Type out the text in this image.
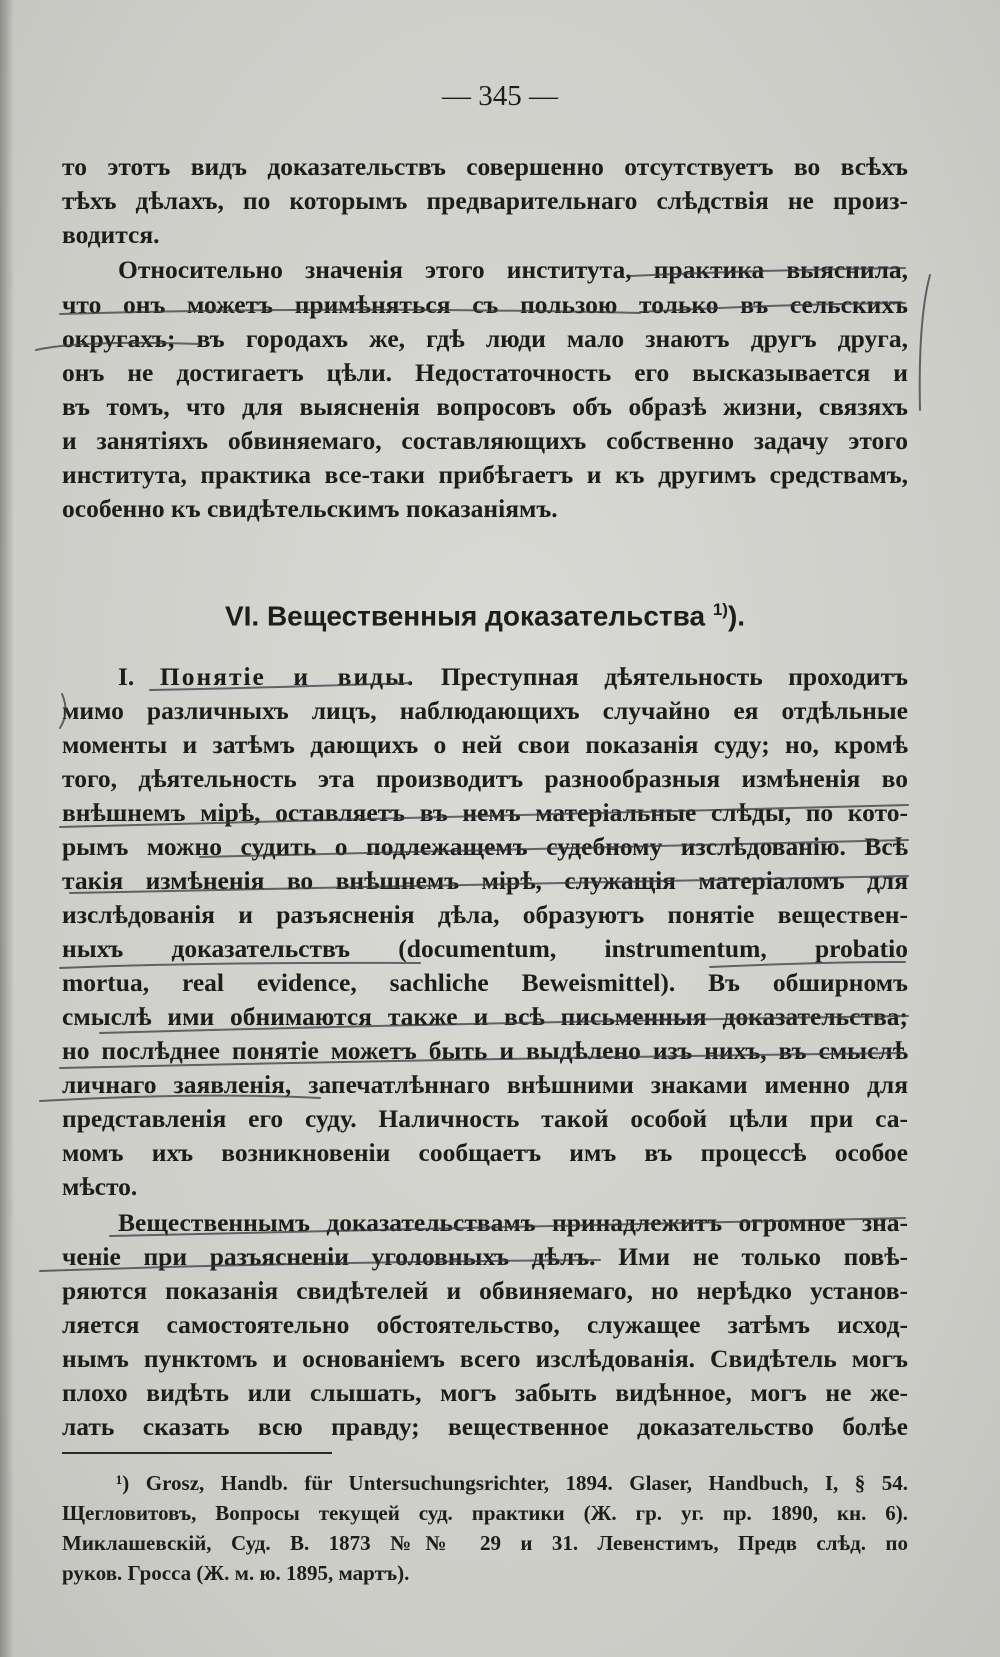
— 345 —
то этотъ видъ доказательствъ совершенно отсутствуетъ во всѣхъ
тѣхъ дѣлахъ, по которымъ предварительнаго слѣдствія не произ-
водится.
Относительно значенія этого института, практика выяснила,
что онъ можетъ примѣняться съ пользою только въ сельскихъ
округахъ; въ городахъ же, гдѣ люди мало знаютъ другъ друга,
онъ не достигаетъ цѣли. Недостаточность его высказывается и
въ томъ, что для выясненія вопросовъ объ образѣ жизни, связяхъ
и занятіяхъ обвиняемаго, составляющихъ собственно задачу этого
института, практика все-таки прибѣгаетъ и къ другимъ средствамъ,
особенно къ свидѣтельскимъ показаніямъ.
VI. Вещественныя доказательства $^{1)}$).
I. Понятіе и виды. Преступная дѣятельность проходитъ
мимо различныхъ лицъ, наблюдающихъ случайно ея отдѣльные
моменты и затѣмъ дающихъ о ней свои показанія суду; но, кромѣ
того, дѣятельность эта производитъ разнообразныя измѣненія во
внѣшнемъ мірѣ, оставляетъ въ немъ матеріальные слѣды, по кото-
рымъ можно судить о подлежащемъ судебному изслѣдованію. Всѣ
такія измѣненія во внѣшнемъ мірѣ, служащія матеріаломъ для
изслѣдованія и разъясненія дѣла, образуютъ понятіе веществен-
ныхъ доказательствъ (documentum, instrumentum, probatio
mortua, real evidence, sachliche Beweismittel). Въ обширномъ
смыслѣ ими обнимаются также и всѣ письменныя доказательства;
но послѣднее понятіе можетъ быть и выдѣлено изъ нихъ, въ смыслѣ
личнаго заявленія, запечатлѣннаго внѣшними знаками именно для
представленія его суду. Наличность такой особой цѣли при са-
момъ ихъ возникновеніи сообщаетъ имъ въ процессѣ особое
мѣсто.
Вещественнымъ доказательствамъ принадлежитъ огромное зна-
ченіе при разъясненіи уголовныхъ дѣлъ. Ими не только повѣ-
ряются показанія свидѣтелей и обвиняемаго, но нерѣдко установ-
ляется самостоятельно обстоятельство, служащее затѣмъ исход-
нымъ пунктомъ и основаніемъ всего изслѣдованія. Свидѣтель могъ
плохо видѣть или слышать, могъ забыть видѣнное, могъ не же-
лать сказать всю правду; вещественное доказательство болѣе
¹) Grosz, Handb. für Untersuchungsrichter, 1894. Glaser, Handbuch, I, § 54.
Щегловитовъ, Вопросы текущей суд. практики (Ж. гр. уг. пр. 1890, кн. 6).
Миклашевскій, Суд. В. 1873 №№ 29 и 31. Левенстимъ, Предв слѣд. по
руков. Гросса (Ж. м. ю. 1895, мартъ).
